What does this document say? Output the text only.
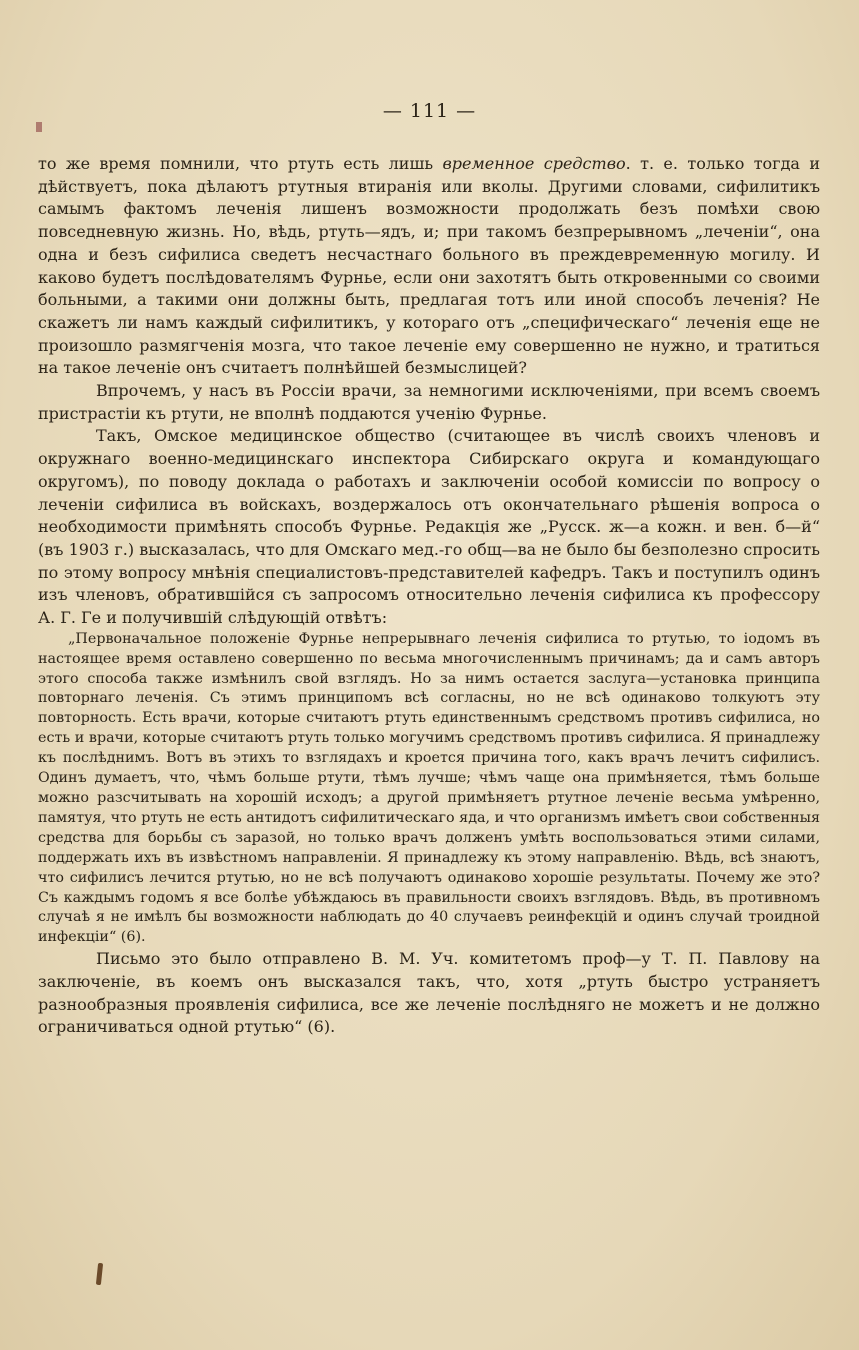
— 111 —

то же время помнили, что ртуть есть лишь временное средство. т. е. только тогда и дѣйствуетъ, пока дѣлаютъ ртутныя втиранія или вколы. Другими словами, сифилитикъ самымъ фактомъ леченія лишенъ возможности продолжать безъ помѣхи свою повседневную жизнь. Но, вѣдь, ртуть—ядъ, и; при такомъ безпрерывномъ „леченіи“, она одна и безъ сифилиса сведетъ несчастнаго больного въ преждевременную могилу. И каково будетъ послѣдователямъ Фурнье, если они захотятъ быть откровенными со своими больными, а такими они должны быть, предлагая тотъ или иной способъ леченія? Не скажетъ ли намъ каждый сифилитикъ, у котораго отъ „специфическаго“ леченія еще не произошло размягченія мозга, что такое леченіе ему совершенно не нужно, и тратиться на такое леченіе онъ считаетъ полнѣйшей безмыслицей?

Впрочемъ, у насъ въ Россіи врачи, за немногими исключеніями, при всемъ своемъ пристрастіи къ ртути, не вполнѣ поддаются ученію Фурнье.

Такъ, Омское медицинское общество (считающее въ числѣ своихъ членовъ и окружнаго военно-медицинскаго инспектора Сибирскаго округа и командующаго округомъ), по поводу доклада о работахъ и заключеніи особой комиссіи по вопросу о леченіи сифилиса въ войскахъ, воздержалось отъ окончательнаго рѣшенія вопроса о необходимости примѣнять способъ Фурнье. Редакція же „Русск. ж—а кожн. и вен. б—й“ (въ 1903 г.) высказалась, что для Омскаго мед.-го общ—ва не было бы безполезно спросить по этому вопросу мнѣнія специалистовъ-представителей кафедръ. Такъ и поступилъ одинъ изъ членовъ, обратившійся съ запросомъ относительно леченія сифилиса къ профессору А. Г. Ге и получившій слѣдующій отвѣтъ:

„Первоначальное положеніе Фурнье непрерывнаго леченія сифилиса то ртутью, то іодомъ въ настоящее время оставлено совершенно по весьма многочисленнымъ причинамъ; да и самъ авторъ этого способа также измѣнилъ свой взглядъ. Но за нимъ остается заслуга—установка принципа повторнаго леченія. Съ этимъ принципомъ всѣ согласны, но не всѣ одинаково толкуютъ эту повторность. Есть врачи, которые считаютъ ртуть единственнымъ средствомъ противъ сифилиса, но есть и врачи, которые считаютъ ртуть только могучимъ средствомъ противъ сифилиса. Я принадлежу къ послѣднимъ. Вотъ въ этихъ то взглядахъ и кроется причина того, какъ врачъ лечитъ сифилисъ. Одинъ думаетъ, что, чѣмъ больше ртути, тѣмъ лучше; чѣмъ чаще она примѣняется, тѣмъ больше можно разсчитывать на хорошій исходъ; а другой примѣняетъ ртутное леченіе весьма умѣренно, памятуя, что ртуть не есть антидотъ сифилитическаго яда, и что организмъ имѣетъ свои собственныя средства для борьбы съ заразой, но только врачъ долженъ умѣть воспользоваться этими силами, поддержать ихъ въ извѣстномъ направленіи. Я принадлежу къ этому направленію. Вѣдь, всѣ знаютъ, что сифилисъ лечится ртутью, но не всѣ получаютъ одинаково хорошіе результаты. Почему же это? Съ каждымъ годомъ я все болѣе убѣждаюсь въ правильности своихъ взглядовъ. Вѣдь, въ противномъ случаѣ я не имѣлъ бы возможности наблюдать до 40 случаевъ реинфекцій и одинъ случай троидной инфекціи“ (6).

Письмо это было отправлено В. М. Уч. комитетомъ проф—у Т. П. Павлову на заключеніе, въ коемъ онъ высказался такъ, что, хотя „ртуть быстро устраняетъ разнообразныя проявленія сифилиса, все же леченіе послѣдняго не можетъ и не должно ограничиваться одной ртутью“ (6).
